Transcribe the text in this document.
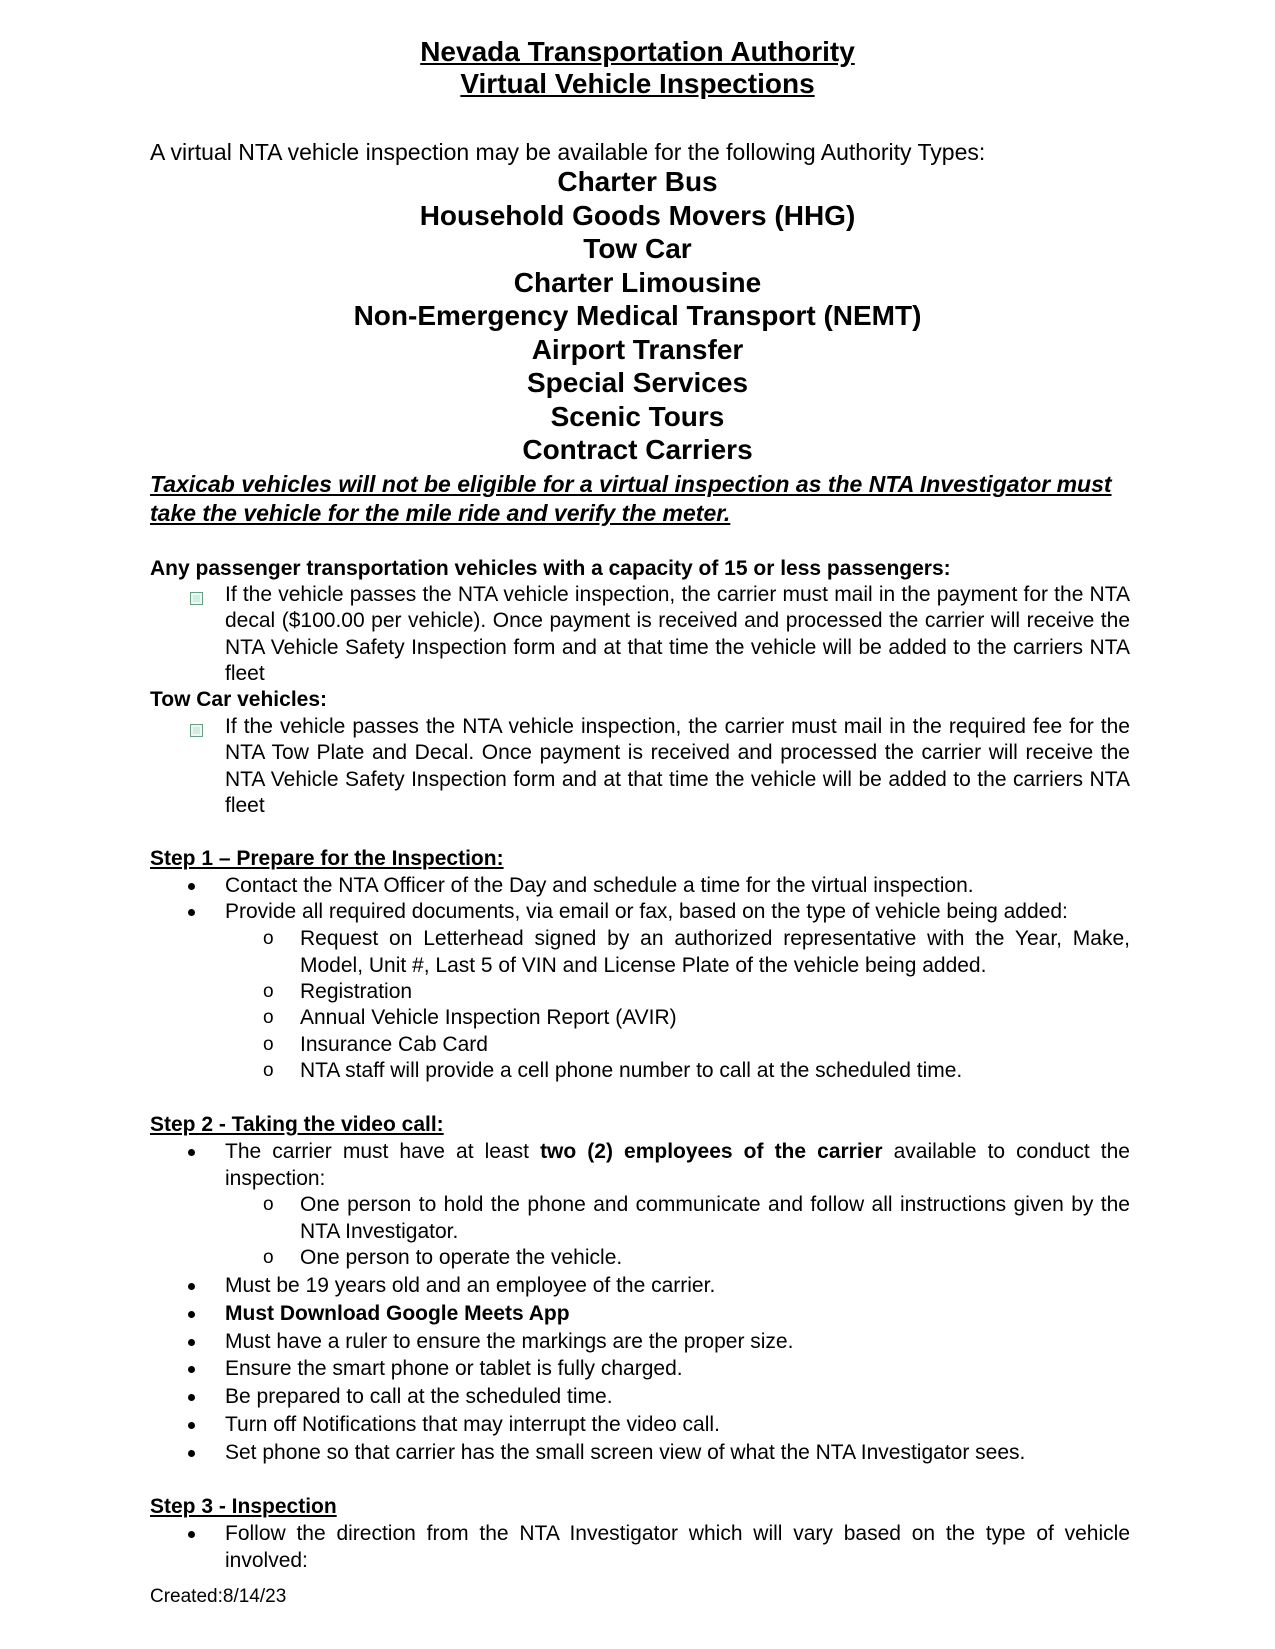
Nevada Transportation Authority
Virtual Vehicle Inspections
A virtual NTA vehicle inspection may be available for the following Authority Types:
Charter Bus
Household Goods Movers (HHG)
Tow Car
Charter Limousine
Non-Emergency Medical Transport (NEMT)
Airport Transfer
Special Services
Scenic Tours
Contract Carriers
Taxicab vehicles will not be eligible for a virtual inspection as the NTA Investigator must take the vehicle for the mile ride and verify the meter.
Any passenger transportation vehicles with a capacity of 15 or less passengers:
If the vehicle passes the NTA vehicle inspection, the carrier must mail in the payment for the NTA decal ($100.00 per vehicle). Once payment is received and processed the carrier will receive the NTA Vehicle Safety Inspection form and at that time the vehicle will be added to the carriers NTA fleet
Tow Car vehicles:
If the vehicle passes the NTA vehicle inspection, the carrier must mail in the required fee for the NTA Tow Plate and Decal. Once payment is received and processed the carrier will receive the NTA Vehicle Safety Inspection form and at that time the vehicle will be added to the carriers NTA fleet
Step 1 – Prepare for the Inspection:
Contact the NTA Officer of the Day and schedule a time for the virtual inspection.
Provide all required documents, via email or fax, based on the type of vehicle being added:
o Request on Letterhead signed by an authorized representative with the Year, Make, Model, Unit #, Last 5 of VIN and License Plate of the vehicle being added.
o Registration
o Annual Vehicle Inspection Report (AVIR)
o Insurance Cab Card
o NTA staff will provide a cell phone number to call at the scheduled time.
Step 2 - Taking the video call:
The carrier must have at least two (2) employees of the carrier available to conduct the inspection:
o One person to hold the phone and communicate and follow all instructions given by the NTA Investigator.
o One person to operate the vehicle.
Must be 19 years old and an employee of the carrier.
Must Download Google Meets App
Must have a ruler to ensure the markings are the proper size.
Ensure the smart phone or tablet is fully charged.
Be prepared to call at the scheduled time.
Turn off Notifications that may interrupt the video call.
Set phone so that carrier has the small screen view of what the NTA Investigator sees.
Step 3 - Inspection
Follow the direction from the NTA Investigator which will vary based on the type of vehicle involved:
Created:8/14/23
